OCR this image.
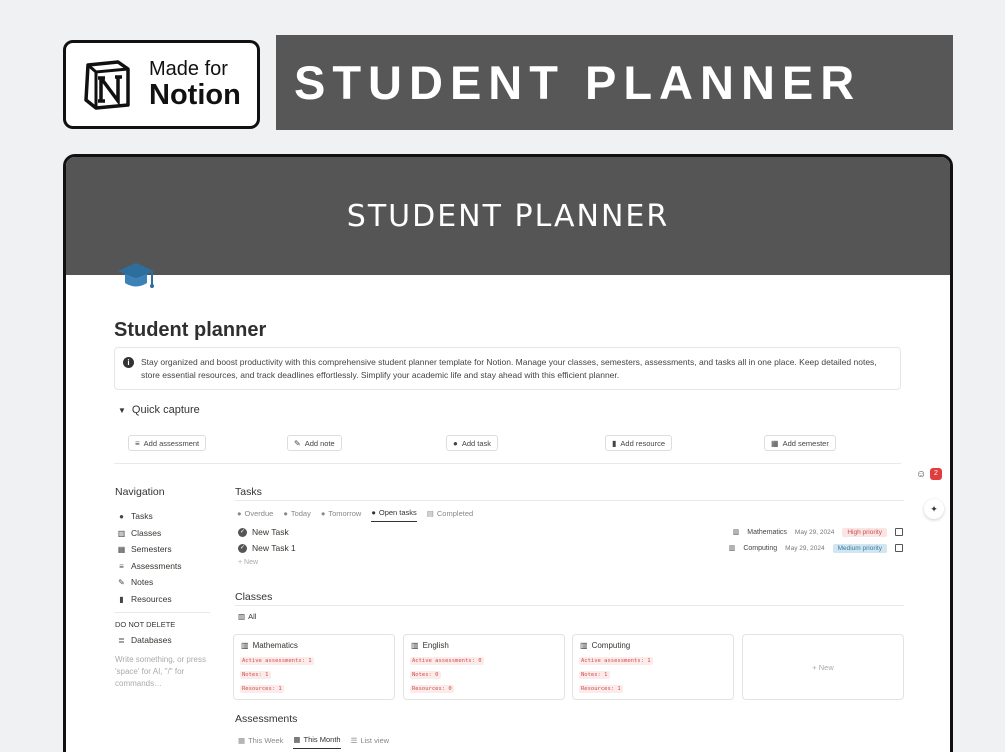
Made for
Notion STUDENT PLANNER
STUDENT PLANNER
Student planner
i	Stay organized and boost productivity with this comprehensive student planner template for Notion. Manage your classes, semesters, assessments, and tasks all in one place. Keep detailed notes, store essential resources, and track deadlines effortlessly. Simplify your academic life and stay ahead with this efficient planner.

▼ Quick capture
≡ Add assessment	✎ Add note	● Add task	▮ Add resource	▦ Add semester
Navigation
● Tasks
▥ Classes
▦ Semesters
≡ Assessments
✎ Notes
▮ Resources
DO NOT DELETE
≣ Databases
Write something, or press 'space' for AI, "/" for commands…
Tasks
● Overdue ● Today ● Tomorrow ● Open tasks ▤ Completed
✓ New Task	▥ Mathematics May 29, 2024	High priority
✓ New Task 1	▥ Computing May 29, 2024	Medium priority
+ New
Classes
▥ All
▥ Mathematics
Active assessments: 1
Notes: 1
Resources: 1
▥ English
Active assessments: 0
Notes: 0
Resources: 0
▥ Computing
Active assessments: 1
Notes: 1
Resources: 1
+ New
Assessments
▦ This Week ▦ This Month ☰ List view
☺	2
✦
